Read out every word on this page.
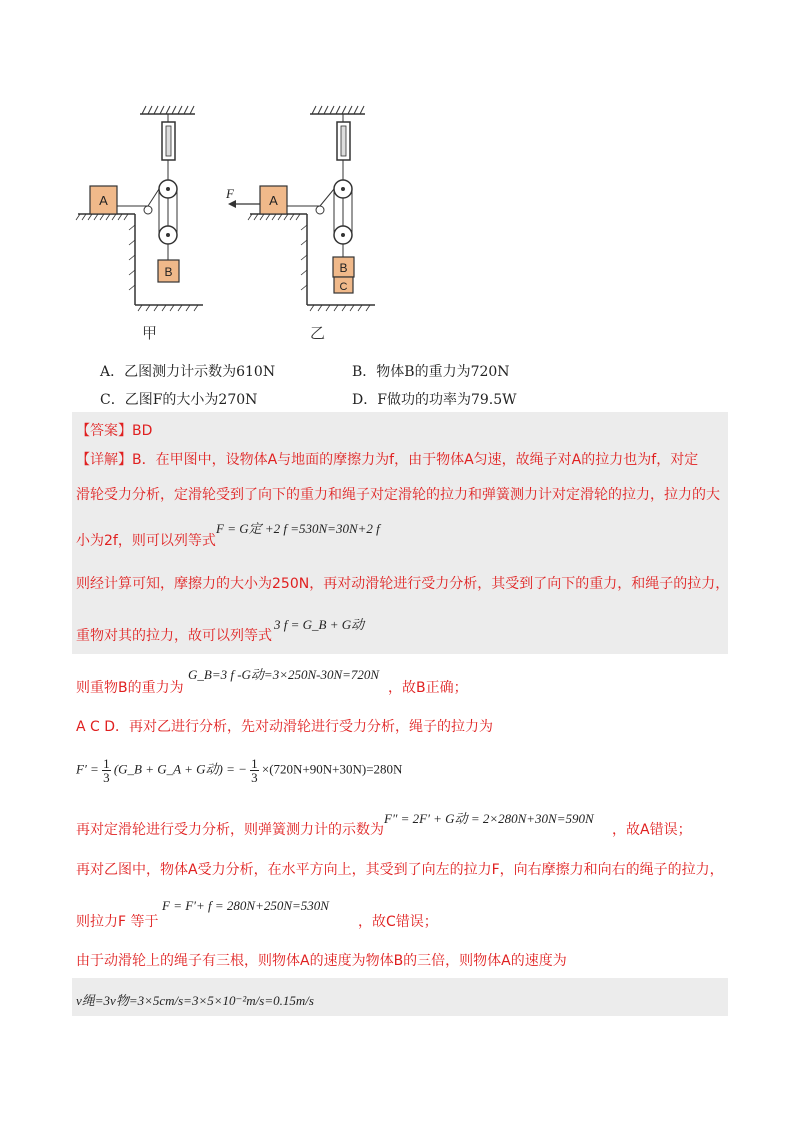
A
B
F	A
B
C
甲	乙
A．乙图测力计示数为610N	B．物体B的重力为720N
C．乙图F的大小为270N	D．F做功的功率为79.5W
【答案】BD
【详解】B．在甲图中，设物体A与地面的摩擦力为f，由于物体A匀速，故绳子对A的拉力也为f，对定
滑轮受力分析，定滑轮受到了向下的重力和绳子对定滑轮的拉力和弹簧测力计对定滑轮的拉力，拉力的大
小为2f，则可以列等式
F = G定 +2 f =530N=30N+2 f
则经计算可知，摩擦力的大小为250N，再对动滑轮进行受力分析，其受到了向下的重力，和绳子的拉力，
重物对其的拉力，故可以列等式
3 f = G_B + G动
则重物B的重力为
G_B=3 f -G动=3×250N-30N=720N
，故B正确；
A C D．再对乙进行分析，先对动滑轮进行受力分析，绳子的拉力为
$F' = \frac{1}{3}$ (G_B + G_A + G动) = − $\frac{1}{3} \times(720N+90N+30N)=280N$
再对定滑轮进行受力分析，则弹簧测力计的示数为
F″ = 2F′ + G动 = 2×280N+30N=590N
，故A错误；
再对乙图中，物体A受力分析，在水平方向上，其受到了向左的拉力F，向右摩擦力和向右的绳子的拉力，
则拉力F 等于
F = F′+ f = 280N+250N=530N
，故C错误；
由于动滑轮上的绳子有三根，则物体A的速度为物体B的三倍，则物体A的速度为
v绳=3v物=3×5cm/s=3×5×10⁻²m/s=0.15m/s
